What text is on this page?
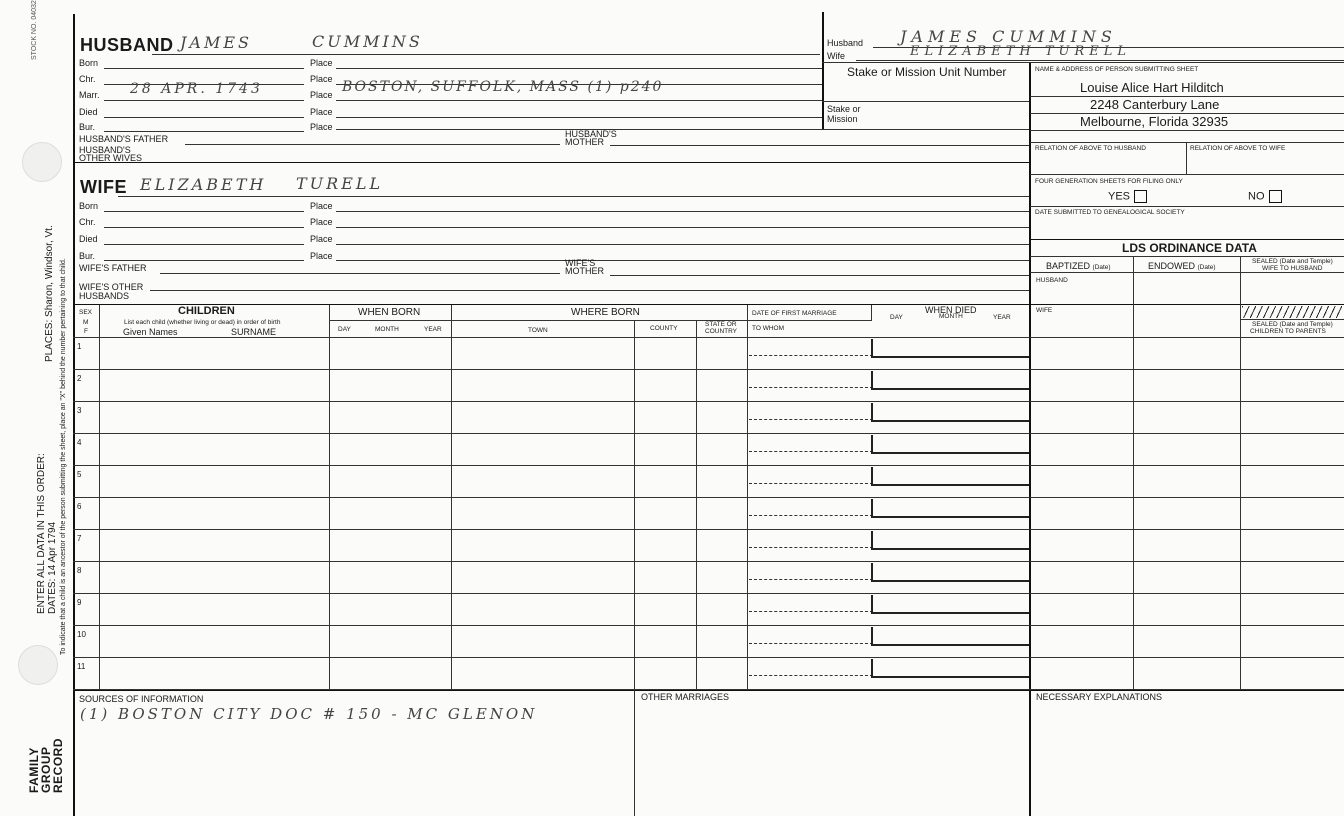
STOCK NO. 04032
PLACES: Sharon, Windsor, Vt.
ENTER ALL DATA IN THIS ORDER: DATES: 14 Apr 1794 To indicate that a child is an ancestor of the person submitting the sheet, place an "X" behind the number pertaining to that child.
FAMILY
GROUP
RECORD
HUSBAND JAMES	CUMMINS
Born	Place
Chr.	Place
Marr. 28 APR. 1743	Place BOSTON, SUFFOLK, MASS (1) p240
Died	Place
Bur.	Place
HUSBAND'S FATHER	HUSBAND'S
MOTHER
HUSBAND'S
OTHER WIVES
WIFE ELIZABETH TURELL
Born	Place
Chr.	Place
Died	Place
Bur.	Place
WIFE'S FATHER	WIFE'S
MOTHER
WIFE'S OTHER
HUSBANDS
Husband JAMES CUMMINS
Wife	ELIZABETH TURELL
Stake or Mission Unit Number
Stake or
Mission
NAME & ADDRESS OF PERSON SUBMITTING SHEET
Louise Alice Hart Hilditch
2248 Canterbury Lane
Melbourne, Florida 32935
RELATION OF ABOVE TO HUSBAND	RELATION OF ABOVE TO WIFE
FOUR GENERATION SHEETS FOR FILING ONLY
YES	NO
DATE SUBMITTED TO GENEALOGICAL SOCIETY
LDS ORDINANCE DATA
BAPTIZED (Date)	ENDOWED (Date)
SEALED (Date and Temple)
WIFE TO HUSBAND
HUSBAND
WIFE
SEALED (Date and Temple)
CHILDREN TO PARENTS
SEX
M
F
CHILDREN
List each child (whether living or dead) in order of birth
Given Names	SURNAME
WHEN BORN
DAY	MONTH	YEAR
WHERE BORN
TOWN	COUNTY
STATE OR
COUNTRY
DATE OF FIRST MARRIAGE
TO WHOM
WHEN DIED
DAY	MONTH	YEAR
1
2
3
4
5
6
7
8
9
10
11
SOURCES OF INFORMATION
(1) BOSTON CITY DOC # 150 - MC GLENON
OTHER MARRIAGES	NECESSARY EXPLANATIONS
